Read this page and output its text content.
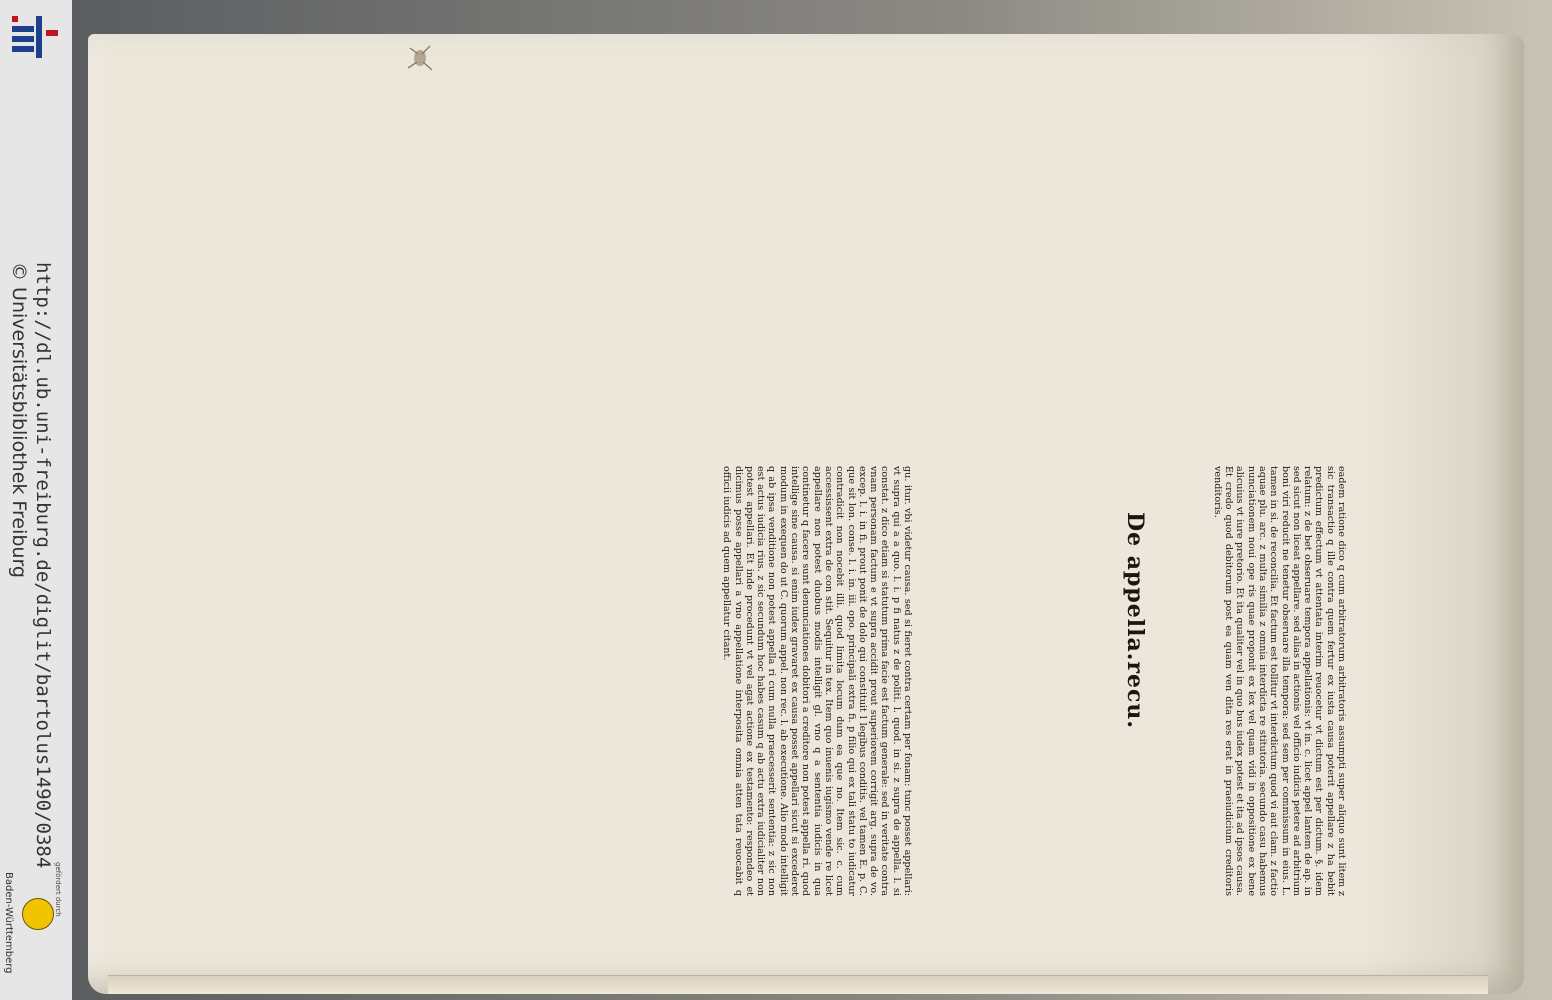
http://dl.ub.uni-freiburg.de/diglit/bartolus1490/0384
© Universitätsbibliothek Freiburg
gefördert durch
Baden-Württemberg
De appella.recu.
gu. itur. vbi videtur causa. sed si fieret contra certam per fonam: tunc posset appellari: vt supra qui a a quo. l. i. p fi natus z de politi. l. quod. in si. z supra de appella. l. si constat. z dico etiam si statutum prima facie est factum generale: sed in veritate contra vnam personam factum e vt supra accidit prout superiorem corrigit arg. supra de vo. excep. l. i. in fi. prout ponit de dolo qui constituit l legibus conditis. vel tamen E. p. C. que sit lon. conse. l. i. in. iii. opo. principali extra fi. p filio qui ex tali statu to iudicatur contradicit non nocebit illi. quod limita locum dum ea que no. Item sic. c. cum accessissent extra de con stit. Sequitur in tex. Item quo inuenis iugismo vende re licet appellare non potest duobus modis intelligit gl. vno q a sententia iudicis in qua continetur q facere sunt denunciationes dobitori a creditore non potest appella ri. quod intellige sine causa. si enim iudex gravaret ex causa posset appellari sicut si excederet modum in exequen do ut C. quorum appel. non rec. l. ab executione. Alio modo intelligit q ab ipsa venditione non potest appella ri cum nulla praecesserit sententia: z sic non est actus iudicia rius. z sic secundum hoc habes casum q ab actu extra iudicialiter non potest appellari. Et inde procedunt vt vel agat actione ex testamento: respondeo et dicimus posse appellari a vno appellatione interposita omnia atten tata reuocabit q officii iudicis ad quem appellatur citant.	eadem ratione dico q cum arbitratorum arbitratoris assumpti super aliquo sunt litem z sic transactio q ille contra quem fertur ex iusta causa poterit appellare z ha bebit predictum effectum vt attentata interim reuocetur vt dictum est per dictum. §. idem relatum: z de bet obseruare tempora appellationis: vt in. c. licet appel lantem de ap. in sed sicut non liceat appellare. sed alias in actionis vel officio iudicis petere ad arbitrium boni viri reducit ne tenetur obseruare illa tempora: sed sem per commissum in eius. L. tamen in si. de reconcilia. Et factum est tollitur vt interdictum quod vi aut clam. z factio aquae plu. arc. z multa similia z omnia interdicta re stitutoria. secundo casu habemus nunciationem noui ope ris quae proponit ex lex vel quam vidi in oppositione ex bene alicuius vt iure pretorio. Et ita qualiter vel in quo bus iudex potest et ita ad ipsos causa. Et credo quod debitorum post ea quam ven dita res erat in praeiudicium creditoris venditoris.
